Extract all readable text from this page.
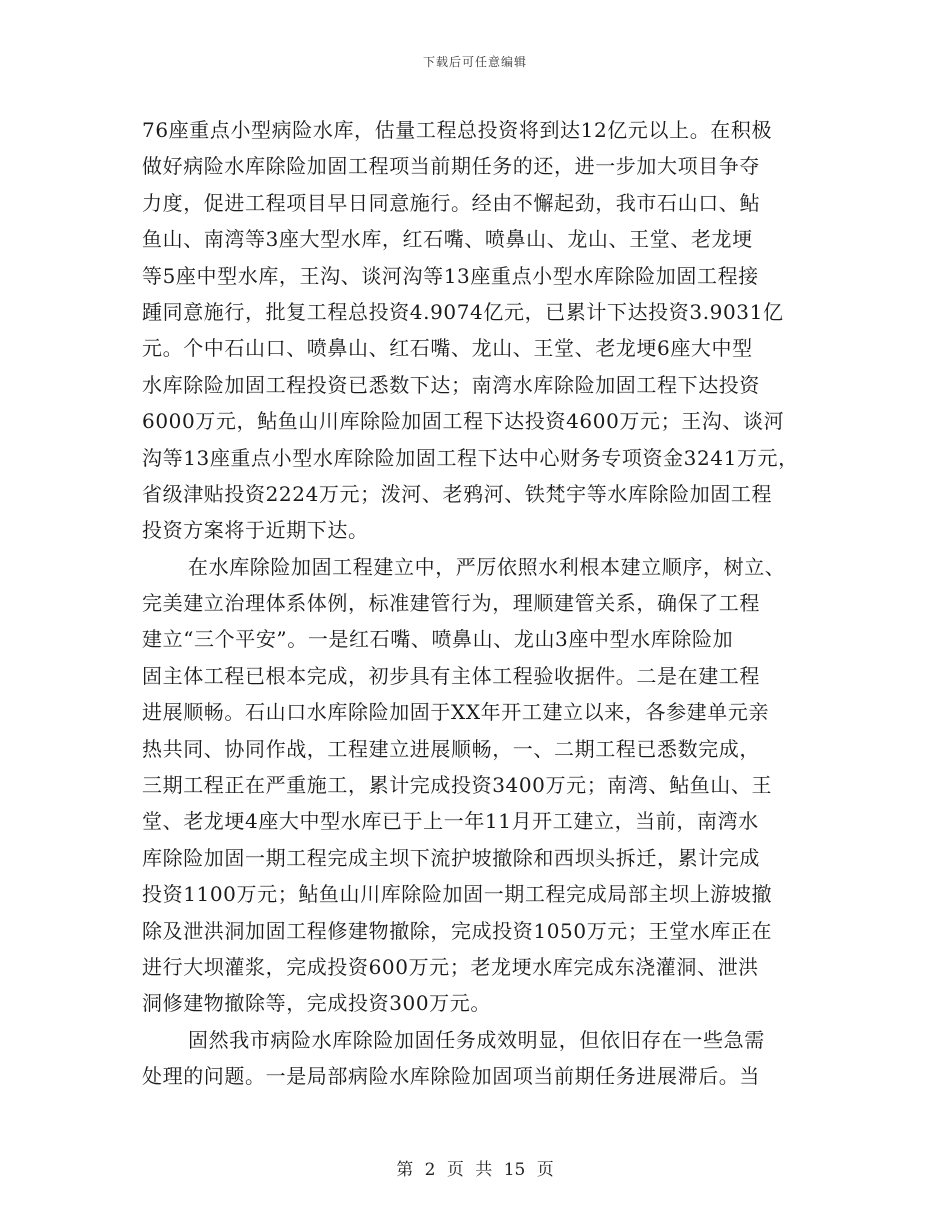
下载后可任意编辑
76座重点小型病险水库，估量工程总投资将到达12亿元以上。在积极
做好病险水库除险加固工程项当前期任务的还，进一步加大项目争夺
力度，促进工程项目早日同意施行。经由不懈起劲，我市石山口、鲇
鱼山、南湾等3座大型水库，红石嘴、喷鼻山、龙山、王堂、老龙埂
等5座中型水库，王沟、谈河沟等13座重点小型水库除险加固工程接
踵同意施行，批复工程总投资4.9074亿元，已累计下达投资3.9031亿
元。个中石山口、喷鼻山、红石嘴、龙山、王堂、老龙埂6座大中型
水库除险加固工程投资已悉数下达；南湾水库除险加固工程下达投资
6000万元，鲇鱼山川库除险加固工程下达投资4600万元；王沟、谈河
沟等13座重点小型水库除险加固工程下达中心财务专项资金3241万元，
省级津贴投资2224万元；泼河、老鸦河、铁梵宇等水库除险加固工程
投资方案将于近期下达。
在水库除险加固工程建立中，严厉依照水利根本建立顺序，树立、
完美建立治理体系体例，标准建管行为，理顺建管关系，确保了工程
建立“三个平安”。一是红石嘴、喷鼻山、龙山3座中型水库除险加
固主体工程已根本完成，初步具有主体工程验收据件。二是在建工程
进展顺畅。石山口水库除险加固于XX年开工建立以来，各参建单元亲
热共同、协同作战，工程建立进展顺畅，一、二期工程已悉数完成，
三期工程正在严重施工，累计完成投资3400万元；南湾、鲇鱼山、王
堂、老龙埂4座大中型水库已于上一年11月开工建立，当前，南湾水
库除险加固一期工程完成主坝下流护坡撤除和西坝头拆迁，累计完成
投资1100万元；鲇鱼山川库除险加固一期工程完成局部主坝上游坡撤
除及泄洪洞加固工程修建物撤除，完成投资1050万元；王堂水库正在
进行大坝灌浆，完成投资600万元；老龙埂水库完成东浇灌洞、泄洪
洞修建物撤除等，完成投资300万元。
固然我市病险水库除险加固任务成效明显，但依旧存在一些急需
处理的问题。一是局部病险水库除险加固项当前期任务进展滞后。当
第 2 页 共 15 页
